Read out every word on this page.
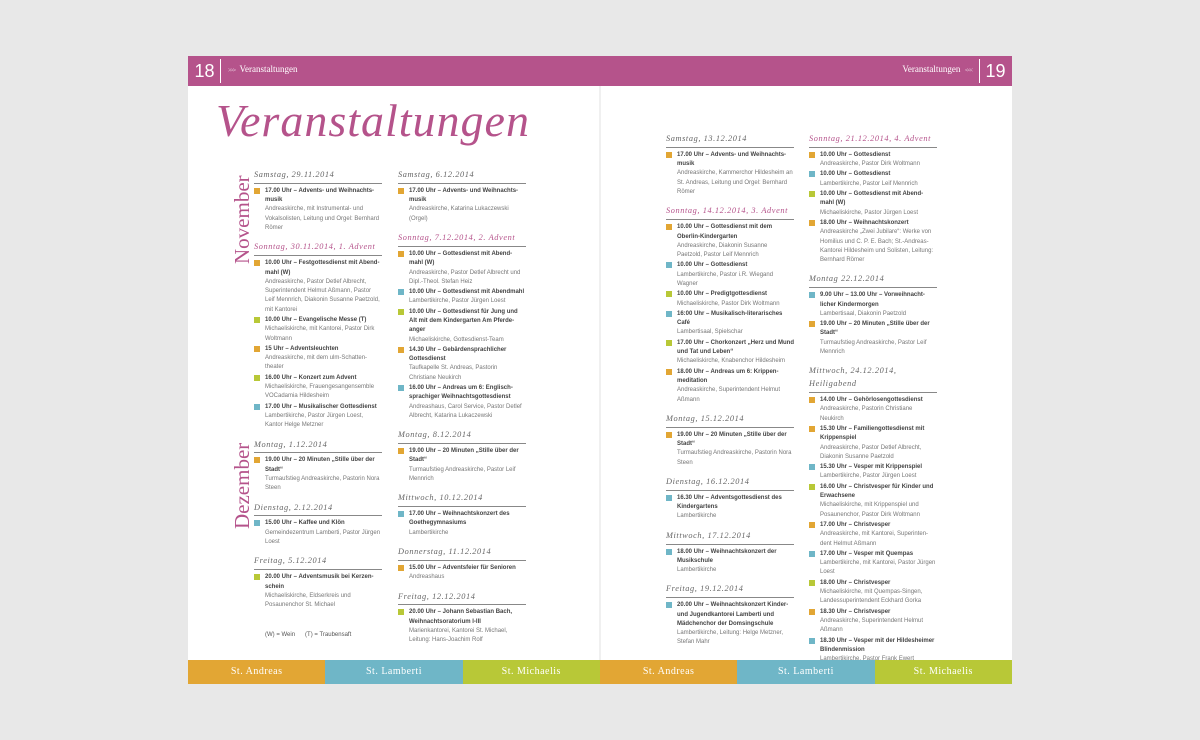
18	>>> Veranstaltungen	Veranstaltungen <<< 19
Veranstaltungen
November
Dezember
Samstag, 29.11.2014
17.00 Uhr – Advents- und Weihnachts-musik
Andreaskirche, mit Instrumental- und Vokalsolisten, Leitung und Orgel: Bernhard Römer
Sonntag, 30.11.2014, 1. Advent
10.00 Uhr – Festgottesdienst mit Abend-mahl (W)
Andreaskirche, Pastor Detlef Albrecht, Superintendent Helmut Aßmann, Pastor Leif Mennrich, Diakonin Susanne Paetzold, mit Kantorei
10.00 Uhr – Evangelische Messe (T)
Michaeliskirche, mit Kantorei, Pastor Dirk Woltmann
15 Uhr – Adventsleuchten
Andreaskirche, mit dem ulm-Schatten-theater
16.00 Uhr – Konzert zum Advent
Michaeliskirche, Frauengesangensemble VOCadamia Hildesheim
17.00 Uhr – Musikalischer Gottesdienst
Lambertikirche, Pastor Jürgen Loest, Kantor Helge Metzner
Montag, 1.12.2014
19.00 Uhr – 20 Minuten „Stille über der Stadt“
Turmaufstieg Andreaskirche, Pastorin Nora Steen
Dienstag, 2.12.2014
15.00 Uhr – Kaffee und Klön
Gemeindezentrum Lamberti, Pastor Jürgen Loest
Freitag, 5.12.2014
20.00 Uhr – Adventsmusik bei Kerzen-schein
Michaeliskirche, Eldserkreis und Posaunenchor St. Michael
(W) = Wein      (T) = Traubensaft
Samstag, 6.12.2014
17.00 Uhr – Advents- und Weihnachts-musik
Andreaskirche, Katarina Lukaczewski (Orgel)
Sonntag, 7.12.2014, 2. Advent
10.00 Uhr – Gottesdienst mit Abend-mahl (W)
Andreaskirche, Pastor Detlef Albrecht und Dipl.-Theol. Stefan Heiz
10.00 Uhr – Gottesdienst mit Abendmahl
Lambertikirche, Pastor Jürgen Loest
10.00 Uhr – Gottesdienst für Jung und Alt mit dem Kindergarten Am Pferde-anger
Michaeliskirche, Gottesdienst-Team
14.30 Uhr – Gebärdensprachlicher Gottesdienst
Taufkapelle St. Andreas, Pastorin Christiane Neukirch
16.00 Uhr – Andreas um 6: Englisch-sprachiger Weihnachtsgottesdienst
Andreashaus, Carol Service, Pastor Detlef Albrecht, Katarina Lukaczewski
Montag, 8.12.2014
19.00 Uhr – 20 Minuten „Stille über der Stadt“
Turmaufstieg Andreaskirche, Pastor Leif Mennrich
Mittwoch, 10.12.2014
17.00 Uhr – Weihnachtskonzert des Goethegymnasiums
Lambertikirche
Donnerstag, 11.12.2014
15.00 Uhr – Adventsfeier für Senioren
Andreashaus
Freitag, 12.12.2014
20.00 Uhr – Johann Sebastian Bach, Weihnachtsoratorium I-III
Marienkantorei, Kantorei St. Michael, Leitung: Hans-Joachim Rolf
Samstag, 13.12.2014
17.00 Uhr – Advents- und Weihnachts-musik
Andreaskirche, Kammerchor Hildesheim an St. Andreas, Leitung und Orgel: Bernhard Römer
Sonntag, 14.12.2014, 3. Advent
10.00 Uhr – Gottesdienst mit dem Oberlin-Kindergarten
Andreaskirche, Diakonin Susanne Paetzold, Pastor Leif Mennrich
10.00 Uhr – Gottesdienst
Lambertikirche, Pastor i.R. Wiegand Wagner
10.00 Uhr – Predigtgottesdienst
Michaeliskirche, Pastor Dirk Woltmann
16:00 Uhr – Musikalisch-literarisches Café
Lambertisaal, Spielschar
17.00 Uhr – Chorkonzert „Herz und Mund und Tat und Leben“
Michaeliskirche, Knabenchor Hildesheim
18.00 Uhr – Andreas um 6: Krippen-meditation
Andreaskirche, Superintendent Helmut Aßmann
Montag, 15.12.2014
19.00 Uhr – 20 Minuten „Stille über der Stadt“
Turmaufstieg Andreaskirche, Pastorin Nora Steen
Dienstag, 16.12.2014
16.30 Uhr – Adventsgottesdienst des Kindergartens
Lambertikirche
Mittwoch, 17.12.2014
18.00 Uhr – Weihnachtskonzert der Musikschule
Lambertikirche
Freitag, 19.12.2014
20.00 Uhr – Weihnachtskonzert Kinder- und Jugendkantorei Lamberti und Mädchenchor der Domsingschule
Lambertikirche, Leitung: Helge Metzner, Stefan Mahr
Sonntag, 21.12.2014, 4. Advent
10.00 Uhr – Gottesdienst
Andreaskirche, Pastor Dirk Woltmann
10.00 Uhr – Gottesdienst
Lambertikirche, Pastor Leif Mennrich
10.00 Uhr – Gottesdienst mit Abend-mahl (W)
Michaeliskirche, Pastor Jürgen Loest
18.00 Uhr – Weihnachtskonzert
Andreaskirche „Zwei Jubilare“: Werke von Homilius und C. P. E. Bach; St.-Andreas-Kantorei Hildesheim und Solisten, Leitung: Bernhard Römer
Montag 22.12.2014
9.00 Uhr – 13.00 Uhr – Vorweihnacht-licher Kindermorgen
Lambertisaal, Diakonin Paetzold
19.00 Uhr – 20 Minuten „Stille über der Stadt“
Turmaufstieg Andreaskirche, Pastor Leif Mennrich
Mittwoch, 24.12.2014, Heiligabend
14.00 Uhr – Gehörlosengottesdienst
Andreaskirche, Pastorin Christiane Neukirch
15.30 Uhr – Familiengottesdienst mit Krippenspiel
Andreaskirche, Pastor Detlef Albrecht, Diakonin Susanne Paetzold
15.30 Uhr – Vesper mit Krippenspiel
Lambertikirche, Pastor Jürgen Loest
16.00 Uhr – Christvesper für Kinder und Erwachsene
Michaeliskirche, mit Krippenspiel und Posaunenchor, Pastor Dirk Woltmann
17.00 Uhr – Christvesper
Andreaskirche, mit Kantorei, Superinten-dent Helmut Aßmann
17.00 Uhr – Vesper mit Quempas
Lambertikirche, mit Kantorei, Pastor Jürgen Loest
18.00 Uhr – Christvesper
Michaeliskirche, mit Quempas-Singen, Landessuperintendent Eckhard Gorka
18.30 Uhr – Christvesper
Andreaskirche, Superintendent Helmut Aßmann
18.30 Uhr – Vesper mit der Hildesheimer Blindenmission
St. Andreas	St. Lamberti	St. Michaelis	St. Andreas	St. Lamberti	St. Michaelis
